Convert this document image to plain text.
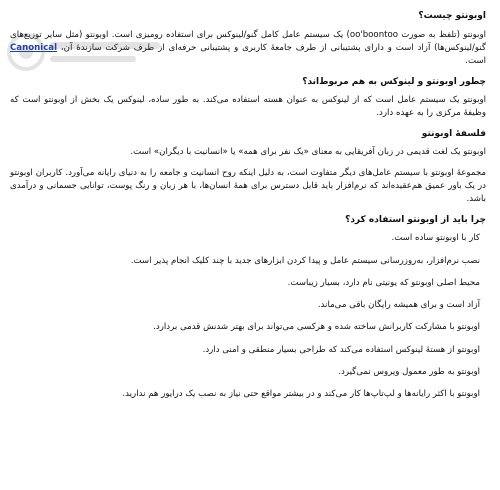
اوبونتو چیست؟

اوبونتو (تلفظ به صورت oo'boontoo) یک سیستم عامل کامل گنو/لینوکس برای استفاده رومیزی است. اوبونتو (مثل سایر توزیع‌های گنو/لینوکس‌ها) آزاد است و دارای پشتیبانی از طرف جامعهٔ کاربری و پشتیبانی حرفه‌ای از طرف شرکت سازندهٔ آن، Canonical است.

چطور اوبونتو و لینوکس به هم مربوط‌اند؟

اوبونتو یک سیستم عامل است که از لینوکس به عنوان هسته استفاده می‌کند. به طور ساده، لینوکس یک بخش از اوبونتو است که وظیفهٔ مرکزی را به عهده دارد.

فلسفهٔ اوبونتو

اوبونتو یک لغت قدیمی در زبان آفریقایی به معنای «یک نفر برای همه» یا «انسانیت با دیگران» است.

مجموعهٔ اوبونتو با سیستم عامل‌های دیگر متفاوت است، به دلیل اینکه روح انسانیت و جامعه را به دنیای رایانه می‌آورد. کاربران اوبونتو در یک باور عمیق هم‌عقیده‌اند که نرم‌افزار باید قابل دسترس برای همهٔ انسان‌ها، با هر زبان و رنگ پوست، توانایی جسمانی و درآمدی باشد.

چرا باید از اوبونتو استفاده کرد؟
کار با اوبونتو ساده است.
نصب نرم‌افزار، به‌روزرسانی سیستم عامل و پیدا کردن ابزارهای جدید با چند کلیک انجام پذیر است.
محیط اصلی اوبونتو که یونیتی نام دارد، بسیار زیباست.
آزاد است و برای همیشه رایگان باقی می‌ماند.
اوبونتو با مشارکت کاربرانش ساخته شده و هرکسی می‌تواند برای بهتر شدنش قدمی بردارد.
اوبونتو از هستهٔ لینوکس استفاده می‌کند که طراحی بسیار منطقی و امنی دارد.
اوبونتو به طور معمول ویروس نمی‌گیرد.
اوبونتو با اکثر رایانه‌ها و لپ‌تاپ‌ها کار می‌کند و در بیشتر مواقع حتی نیاز به نصب یک درایور هم ندارید.
